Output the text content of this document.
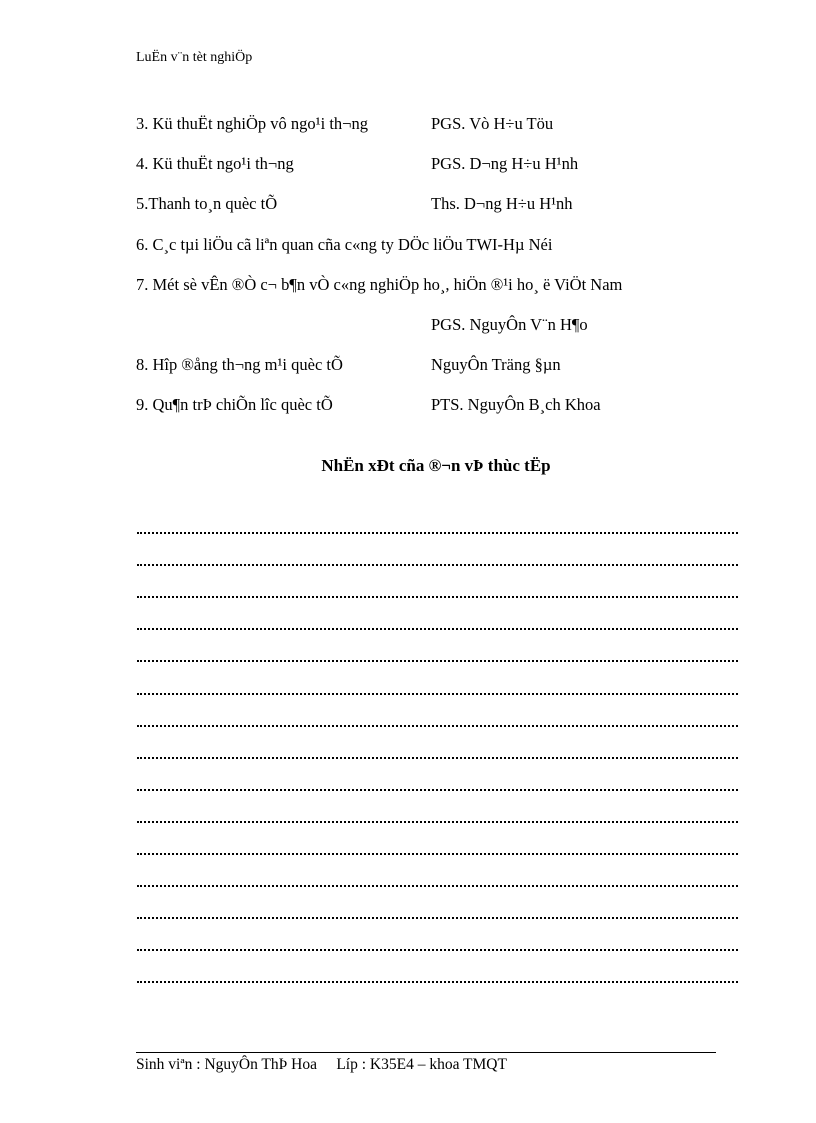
LuËn v¨n tèt nghiÖp
3. Kü thuËt nghiÖp vô ngo¹i th¬ng	PGS. Vò H÷u Töu
4. Kü thuËt ngo¹i th¬ng	PGS. D¬ng H÷u H¹nh
5.Thanh to¸n quèc tÕ	Ths. D¬ng H÷u H¹nh
6. C¸c tµi liÖu cã liªn quan cña c«ng ty DÖc liÖu TWI-Hµ Néi
7. Mét sè vÊn ®Ò c¬ b¶n vÒ c«ng nghiÖp ho¸, hiÖn ®¹i ho¸ ë ViÖt Nam
PGS. NguyÔn V¨n H¶o
8. Hîp ®ång th¬ng m¹i quèc tÕ	NguyÔn Träng §µn
9. Qu¶n trÞ chiÕn lîc quèc tÕ	PTS. NguyÔn B¸ch Khoa
NhËn xÐt cña ®¬n vÞ thùc tËp
Sinh viªn : NguyÔn ThÞ Hoa Líp : K35E4 – khoa TMQT
